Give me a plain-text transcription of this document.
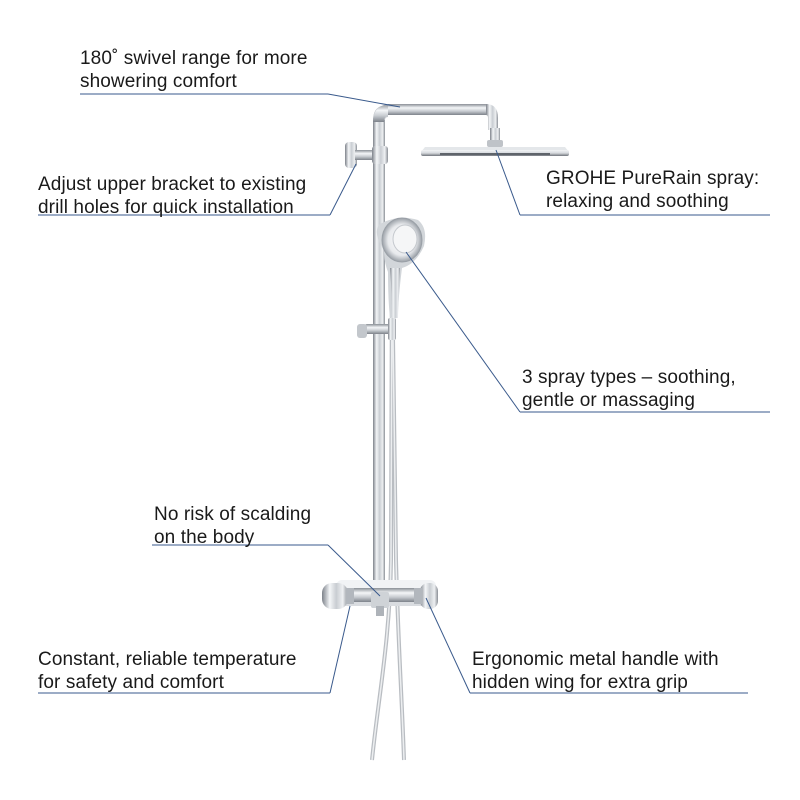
180˚ swivel range for more
showering comfort
Adjust upper bracket to existing
drill holes for quick installation
GROHE PureRain spray:
relaxing and soothing
3 spray types – soothing,
gentle or massaging
No risk of scalding
on the body
Constant, reliable temperature
for safety and comfort
Ergonomic metal handle with
hidden wing for extra grip
